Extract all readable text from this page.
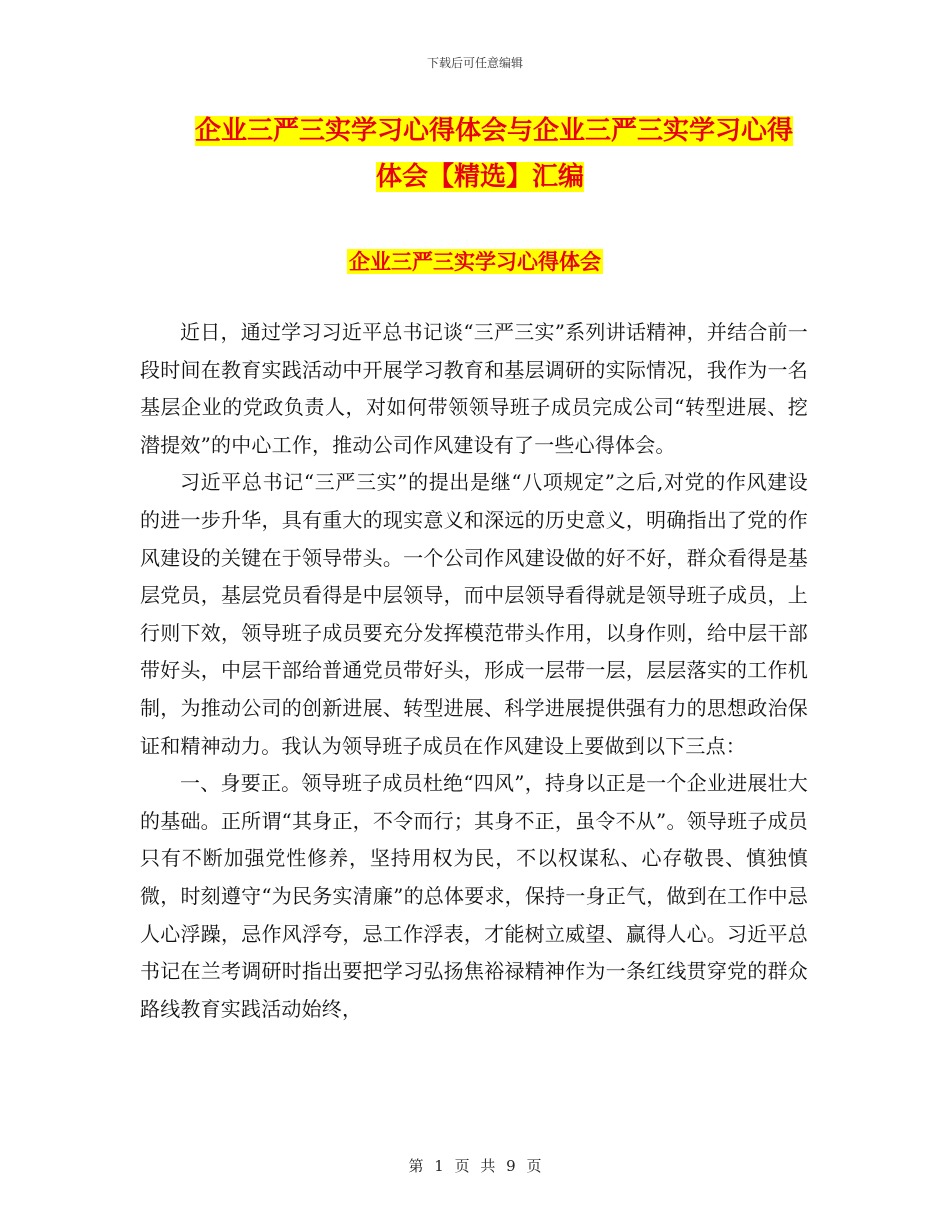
下载后可任意编辑
企业三严三实学习心得体会与企业三严三实学习心得
体会【精选】汇编
企业三严三实学习心得体会

近日，通过学习习近平总书记谈“三严三实”系列讲话精神，并结合前一段时间在教育实践活动中开展学习教育和基层调研的实际情况，我作为一名基层企业的党政负责人，对如何带领领导班子成员完成公司“转型进展、挖潜提效”的中心工作，推动公司作风建设有了一些心得体会。

习近平总书记“三严三实”的提出是继“八项规定”之后,对党的作风建设的进一步升华，具有重大的现实意义和深远的历史意义，明确指出了党的作风建设的关键在于领导带头。一个公司作风建设做的好不好，群众看得是基层党员，基层党员看得是中层领导，而中层领导看得就是领导班子成员，上行则下效，领导班子成员要充分发挥模范带头作用，以身作则，给中层干部带好头，中层干部给普通党员带好头，形成一层带一层，层层落实的工作机制，为推动公司的创新进展、转型进展、科学进展提供强有力的思想政治保证和精神动力。我认为领导班子成员在作风建设上要做到以下三点：

一、身要正。领导班子成员杜绝“四风”，持身以正是一个企业进展壮大的基础。正所谓“其身正，不令而行；其身不正，虽令不从”。领导班子成员只有不断加强党性修养，坚持用权为民，不以权谋私、心存敬畏、慎独慎微，时刻遵守“为民务实清廉”的总体要求，保持一身正气，做到在工作中忌人心浮躁，忌作风浮夸，忌工作浮表，才能树立威望、赢得人心。习近平总书记在兰考调研时指出要把学习弘扬焦裕禄精神作为一条红线贯穿党的群众路线教育实践活动始终，

第 1 页 共 9 页
